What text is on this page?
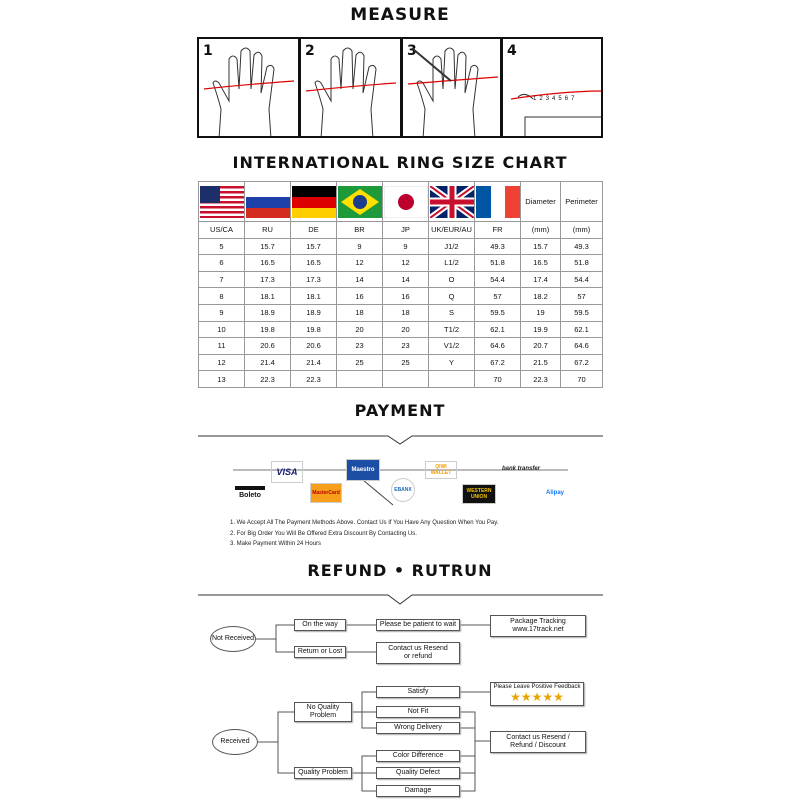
MEASURE
1	2	3	4
1 2 3 4 5 6 7
INTERNATIONAL RING SIZE CHART

	Diameter	Perimeter
US/CA	RU	DE	BR	JP	UK/EUR/AU	FR	(mm)	(mm)
5	15.7	15.7	9	9	J1/2	49.3	15.7	49.3
6	16.5	16.5	12	12	L1/2	51.8	16.5	51.8
7	17.3	17.3	14	14	O	54.4	17.4	54.4
8	18.1	18.1	16	16	Q	57	18.2	57
9	18.9	18.9	18	18	S	59.5	19	59.5
10	19.8	19.8	20	20	T1/2	62.1	19.9	62.1
11	20.6	20.6	23	23	V1/2	64.6	20.7	64.6
12	21.4	21.4	25	25	Y	67.2	21.5	67.2
13	22.3	22.3				70	22.3	70
PAYMENT
VISA	Maestro
Boleto	MasterCard	EBANX
QIWI WALLET
bank transfer
WESTERN UNION
Alipay
1. We Accept All The Payment Methods Above. Contact Us If You Have Any Question When You Pay.
2. For Big Order You Will Be Offered Extra Discount By Contacting Us.
3. Make Payment Within 24 Hours
REFUND • RUTRUN
Not Received
On the way	Please be patient to wait	Package Tracking
www.17track.net
Return or Lost	Contact us Resend or refund
Received
No Quality Problem
Satisfy
Not Fit
Wrong Delivery
Please Leave Positive Feedback
★★★★★
Contact us Resend / Refund / Discount
Quality Problem
Color Difference
Quality Defect
Damage
